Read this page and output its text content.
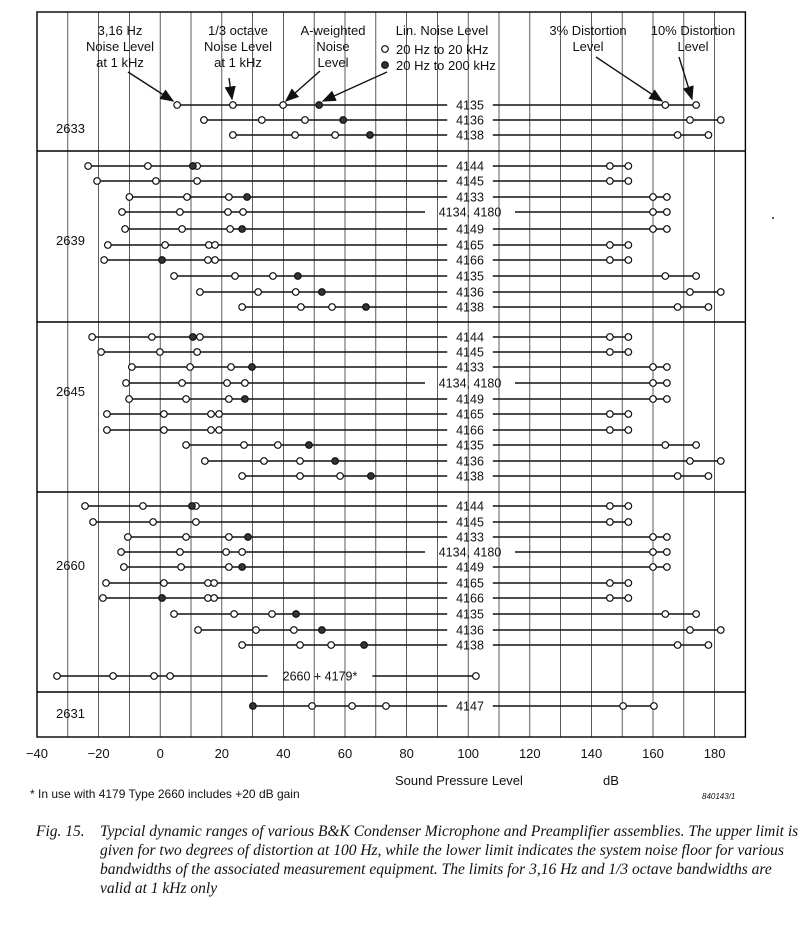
−40	−20	0	20	40	60	80	100	120	140	160	180
2633
4135
4136
4138
2639
4144
4145
4133
4134, 4180
4149
4165
4166
4135
4136
4138
2645
4144
4145
4133
4134, 4180
4149
4165
4166
4135
4136
4138
2660
4144
4145
4133
4134, 4180
4149
4165
4166
4135
4136
4138
2660 + 4179*
2631	4147
3,16 Hz
Noise Level
at 1 kHz
1/3 octave
Noise Level
at 1 kHz
A-weighted
Noise
Level
3% Distortion
Level
10% Distortion
Level
Lin. Noise Level
20 Hz to 20 kHz
20 Hz to 200 kHz
Sound Pressure Level	dB
* In use with 4179 Type 2660 includes +20 dB gain	840143/1
Fig. 15. Typcial dynamic ranges of various B&K Condenser Microphone and Preamplifier assemblies. The upper limit is given for two degrees of distortion at 100 Hz, while the lower limit indicates the system noise floor for various bandwidths of the associated measurement equipment. The limits for 3,16 Hz and 1/3 octave bandwidths are valid at 1 kHz only
